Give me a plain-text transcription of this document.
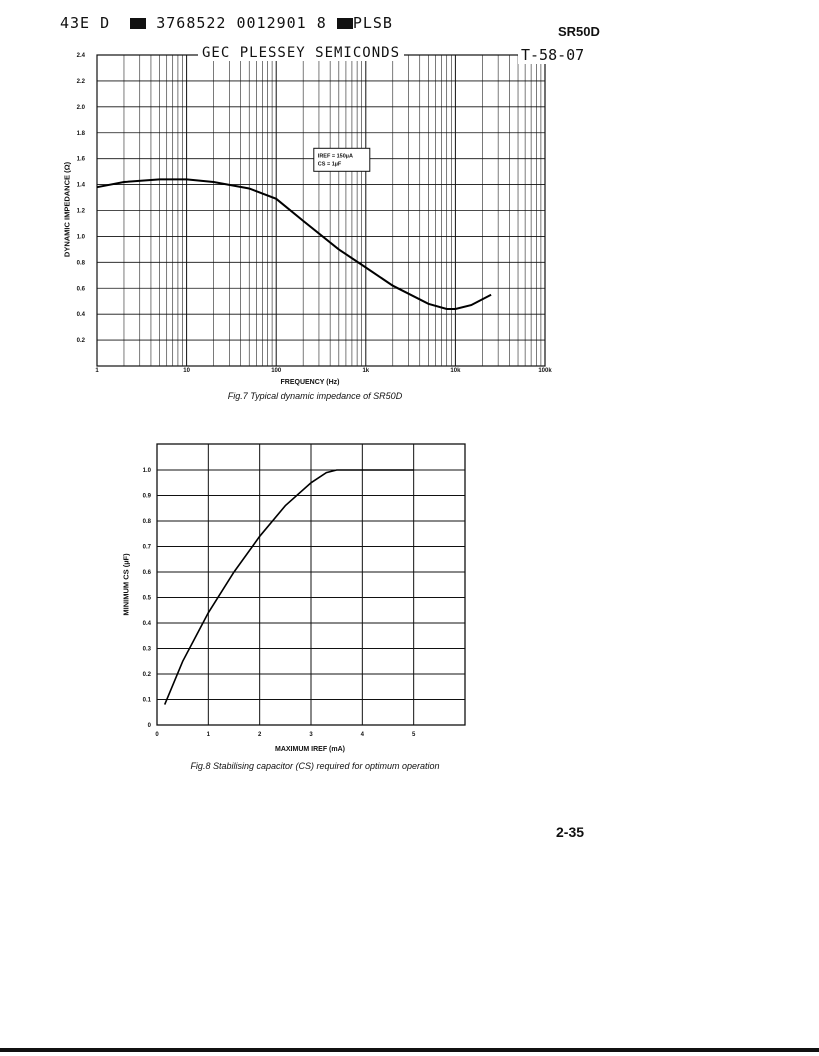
43E D	3768522 0012901 8 PLSB	SR50D
1	10	100	1k	10k	100k
0.2
0.4
0.6
0.8
1.0
1.2
1.4
1.6
1.8
2.0
2.2
2.4
IREF = 150µA
CS = 1µF
0	1	2	3	4	5
0
0.1
0.2
0.3
0.4
0.5
0.6
0.7
0.8
0.9
1.0
GEC PLESSEY SEMICONDS	T-58-07
DYNAMIC IMPEDANCE (Ω)
FREQUENCY (Hz)
Fig.7 Typical dynamic impedance of SR50D
MINIMUM CS (µF)
MAXIMUM IREF (mA)
Fig.8 Stabilising capacitor (CS) required for optimum operation
2-35
